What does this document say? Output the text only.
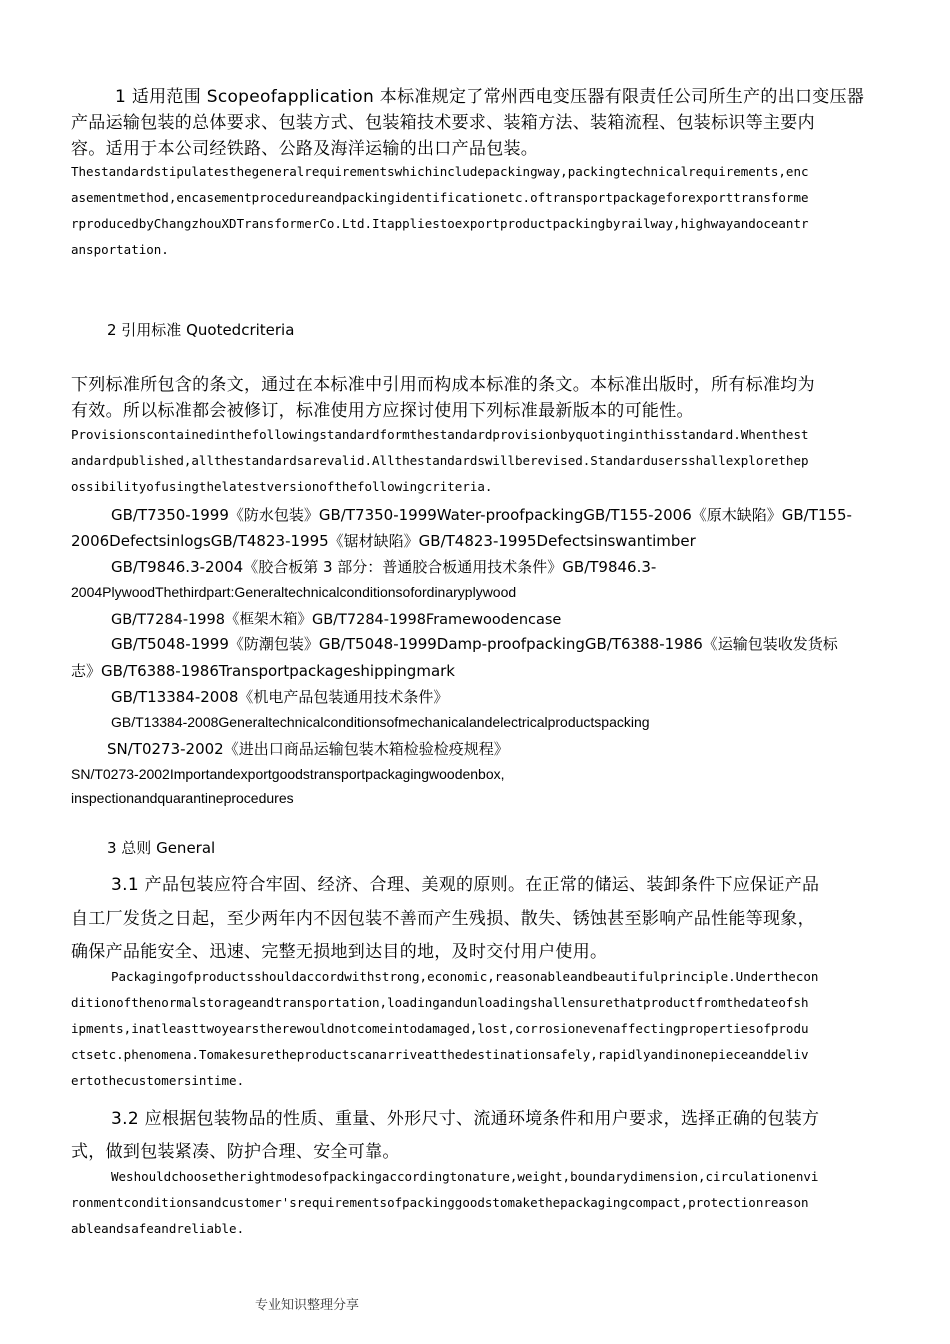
1 适用范围 Scopeofapplication 本标准规定了常州西电变压器有限责任公司所生产的出口变压器
产品运输包装的总体要求、包装方式、包装箱技术要求、装箱方法、装箱流程、包装标识等主要内
容。适用于本公司经铁路、公路及海洋运输的出口产品包装。
Thestandardstipulatesthegeneralrequirementswhichincludepackingway,packingtechnicalrequirements,enc
asementmethod,encasementprocedureandpackingidentificationetc.oftransportpackageforexporttransforme
rproducedbyChangzhouXDTransformerCo.Ltd.Itappliestoexportproductpackingbyrailway,highwayandoceantr
ansportation.
2 引用标准 Quotedcriteria
下列标准所包含的条文，通过在本标准中引用而构成本标准的条文。本标准出版时，所有标准均为
有效。所以标准都会被修订，标准使用方应探讨使用下列标准最新版本的可能性。
Provisionscontainedinthefollowingstandardformthestandardprovisionbyquotinginthisstandard.Whenthest
andardpublished,allthestandardsarevalid.Allthestandardswillberevised.Standardusersshallexplorethep
ossibilityofusingthelatestversionofthefollowingcriteria.
GB/T7350-1999《防水包装》GB/T7350-1999Water-proofpackingGB/T155-2006《原木缺陷》GB/T155-
2006DefectsinlogsGB/T4823-1995《锯材缺陷》GB/T4823-1995Defectsinswantimber
GB/T9846.3-2004《胶合板第 3 部分：普通胶合板通用技术条件》GB/T9846.3-
2004PlywoodThethirdpart:Generaltechnicalconditionsofordinaryplywood
GB/T7284-1998《框架木箱》GB/T7284-1998Framewoodencase
GB/T5048-1999《防潮包装》GB/T5048-1999Damp-proofpackingGB/T6388-1986《运输包装收发货标
志》GB/T6388-1986Transportpackageshippingmark
GB/T13384-2008《机电产品包装通用技术条件》
GB/T13384-2008Generaltechnicalconditionsofmechanicalandelectricalproductspacking
SN/T0273-2002《进出口商品运输包装木箱检验检疫规程》
SN/T0273-2002Importandexportgoodstransportpackagingwoodenbox,
inspectionandquarantineprocedures
3 总则 General
3.1 产品包装应符合牢固、经济、合理、美观的原则。在正常的储运、装卸条件下应保证产品
自工厂发货之日起，至少两年内不因包装不善而产生残损、散失、锈蚀甚至影响产品性能等现象，
确保产品能安全、迅速、完整无损地到达目的地，及时交付用户使用。
Packagingofproductsshouldaccordwithstrong,economic,reasonableandbeautifulprinciple.Underthecon
ditionofthenormalstorageandtransportation,loadingandunloadingshallensurethatproductfromthedateofsh
ipments,inatleasttwoyearstherewouldnotcomeintodamaged,lost,corrosionevenaffectingpropertiesofprodu
ctsetc.phenomena.Tomakesuretheproductscanarriveatthedestinationsafely,rapidlyandinonepieceanddeliv
ertothecustomersintime.
3.2 应根据包装物品的性质、重量、外形尺寸、流通环境条件和用户要求，选择正确的包装方
式，做到包装紧凑、防护合理、安全可靠。
Weshouldchoosetherightmodesofpackingaccordingtonature,weight,boundarydimension,circulationenvi
ronmentconditionsandcustomer'srequirementsofpackinggoodstomakethepackagingcompact,protectionreason
ableandsafeandreliable.
专业知识整理分享
